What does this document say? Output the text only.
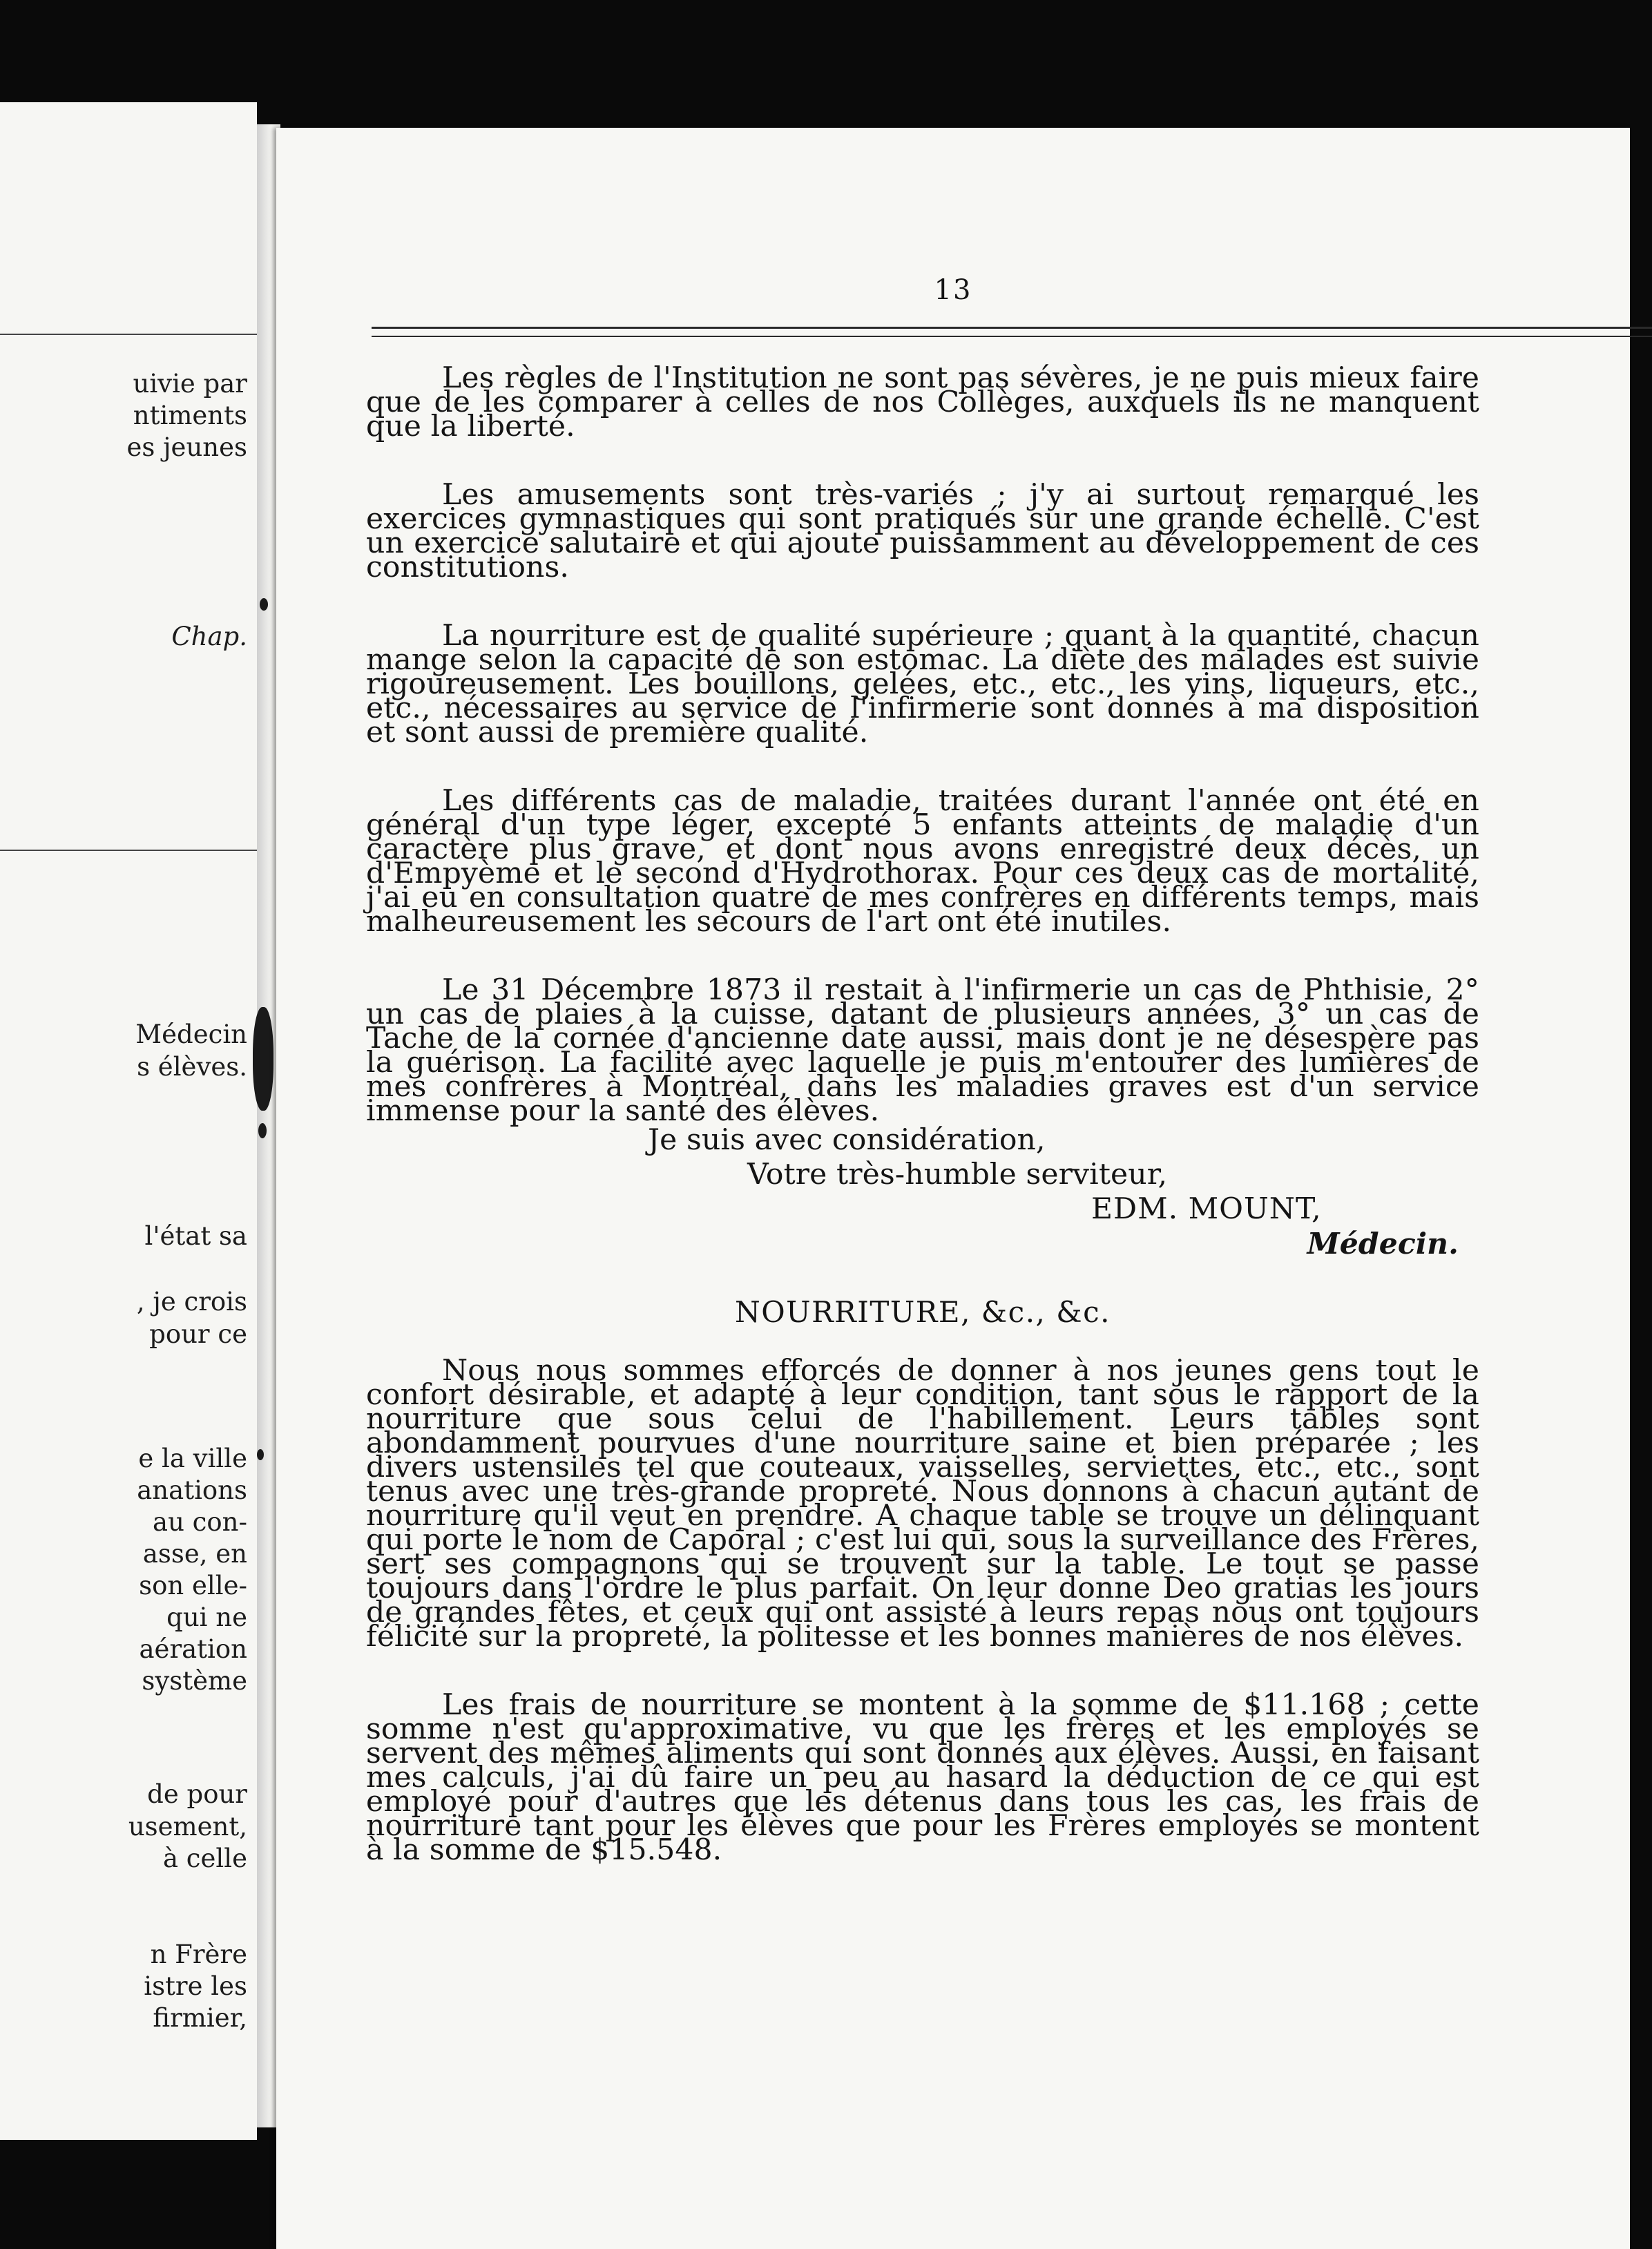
uivie par
ntiments
es jeunes
Chap.
Médecin
s élèves.
l'état sa
, je crois
pour ce
e la ville
anations
au con-
asse, en
son elle-
qui ne
aération
système
de pour
usement,
à celle
n Frère
istre les
firmier,
13

Les règles de l'Institution ne sont pas sévères, je ne puis mieux faire que de les comparer à celles de nos Collèges, auxquels ils ne manquent que la liberté.

Les amusements sont très-variés ; j'y ai surtout remarqué les exercices gymnastiques qui sont pratiqués sur une grande échelle. C'est un exercice salutaire et qui ajoute puissamment au développement de ces constitutions.

La nourriture est de qualité supérieure ; quant à la quantité, chacun mange selon la capacité de son estomac. La diète des malades est suivie rigoureusement. Les bouillons, gelées, etc., etc., les vins, liqueurs, etc., etc., nécessaires au service de l'infirmerie sont donnés à ma disposition et sont aussi de première qualité.

Les différents cas de maladie, traitées durant l'année ont été en général d'un type léger, excepté 5 enfants atteints de maladie d'un caractère plus grave, et dont nous avons enregistré deux décès, un d'Empyème et le second d'Hydrothorax. Pour ces deux cas de mortalité, j'ai eu en consultation quatre de mes confrères en différents temps, mais malheureusement les secours de l'art ont été inutiles.

Le 31 Décembre 1873 il restait à l'infirmerie un cas de Phthisie, 2° un cas de plaies à la cuisse, datant de plusieurs années, 3° un cas de Tache de la cornée d'ancienne date aussi, mais dont je ne désespère pas la guérison. La facilité avec laquelle je puis m'entourer des lumières de mes confrères à Montréal, dans les maladies graves est d'un service immense pour la santé des élèves.

Je suis avec considération,
Votre très-humble serviteur,
EDM. MOUNT,
Médecin.
NOURRITURE, &c., &c.

Nous nous sommes efforcés de donner à nos jeunes gens tout le confort désirable, et adapté à leur condition, tant sous le rapport de la nourriture que sous celui de l'habillement. Leurs tables sont abondamment pourvues d'une nourriture saine et bien préparée ; les divers ustensiles tel que couteaux, vaisselles, serviettes, etc., etc., sont tenus avec une très-grande propreté. Nous donnons à chacun autant de nourriture qu'il veut en prendre. A chaque table se trouve un délinquant qui porte le nom de Caporal ; c'est lui qui, sous la surveillance des Frères, sert ses compagnons qui se trouvent sur la table. Le tout se passe toujours dans l'ordre le plus parfait. On leur donne Deo gratias les jours de grandes fêtes, et ceux qui ont assisté à leurs repas nous ont toujours félicité sur la propreté, la politesse et les bonnes manières de nos élèves.

Les frais de nourriture se montent à la somme de $11.168 ; cette somme n'est qu'approximative, vu que les frères et les employés se servent des mêmes aliments qui sont donnés aux élèves. Aussi, en faisant mes calculs, j'ai dû faire un peu au hasard la déduction de ce qui est employé pour d'autres que les détenus dans tous les cas, les frais de nourriture tant pour les élèves que pour les Frères employés se montent à la somme de $15.548.
